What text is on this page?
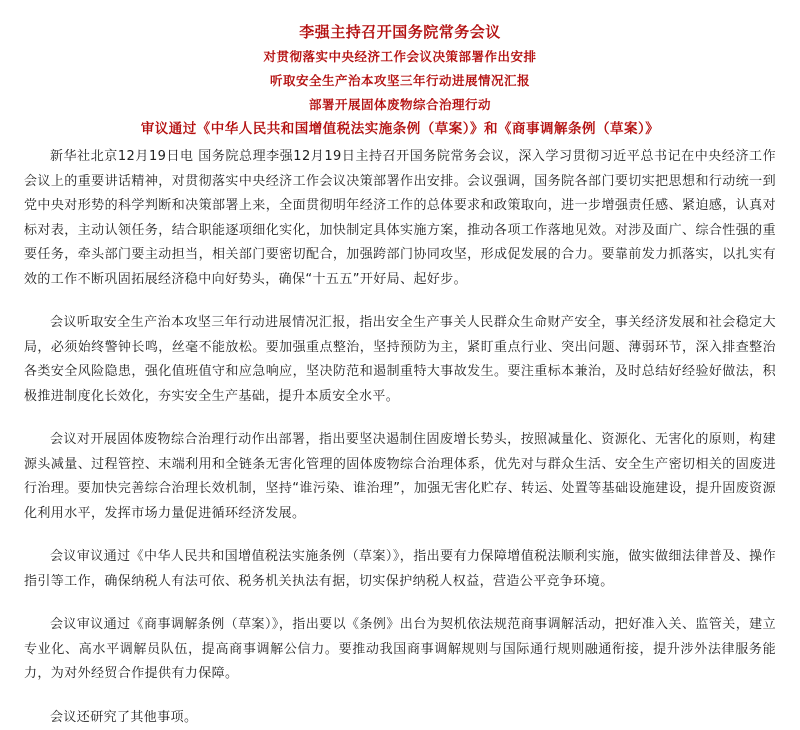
李强主持召开国务院常务会议

对贯彻落实中央经济工作会议决策部署作出安排

听取安全生产治本攻坚三年行动进展情况汇报

部署开展固体废物综合治理行动

审议通过《中华人民共和国增值税法实施条例（草案）》和《商事调解条例（草案）》

新华社北京12月19日电 国务院总理李强12月19日主持召开国务院常务会议，深入学习贯彻习近平总书记在中央经济工作会议上的重要讲话精神，对贯彻落实中央经济工作会议决策部署作出安排。会议强调，国务院各部门要切实把思想和行动统一到党中央对形势的科学判断和决策部署上来，全面贯彻明年经济工作的总体要求和政策取向，进一步增强责任感、紧迫感，认真对标对表，主动认领任务，结合职能逐项细化实化，加快制定具体实施方案，推动各项工作落地见效。对涉及面广、综合性强的重要任务，牵头部门要主动担当，相关部门要密切配合，加强跨部门协同攻坚，形成促发展的合力。要靠前发力抓落实，以扎实有效的工作不断巩固拓展经济稳中向好势头，确保“十五五”开好局、起好步。

会议听取安全生产治本攻坚三年行动进展情况汇报，指出安全生产事关人民群众生命财产安全，事关经济发展和社会稳定大局，必须始终警钟长鸣，丝毫不能放松。要加强重点整治，坚持预防为主，紧盯重点行业、突出问题、薄弱环节，深入排查整治各类安全风险隐患，强化值班值守和应急响应，坚决防范和遏制重特大事故发生。要注重标本兼治，及时总结好经验好做法，积极推进制度化长效化，夯实安全生产基础，提升本质安全水平。

会议对开展固体废物综合治理行动作出部署，指出要坚决遏制住固废增长势头，按照减量化、资源化、无害化的原则，构建源头减量、过程管控、末端利用和全链条无害化管理的固体废物综合治理体系，优先对与群众生活、安全生产密切相关的固废进行治理。要加快完善综合治理长效机制，坚持“谁污染、谁治理”，加强无害化贮存、转运、处置等基础设施建设，提升固废资源化利用水平，发挥市场力量促进循环经济发展。

会议审议通过《中华人民共和国增值税法实施条例（草案）》，指出要有力保障增值税法顺利实施，做实做细法律普及、操作指引等工作，确保纳税人有法可依、税务机关执法有据，切实保护纳税人权益，营造公平竞争环境。

会议审议通过《商事调解条例（草案）》，指出要以《条例》出台为契机依法规范商事调解活动，把好准入关、监管关，建立专业化、高水平调解员队伍，提高商事调解公信力。要推动我国商事调解规则与国际通行规则融通衔接，提升涉外法律服务能力，为对外经贸合作提供有力保障。

会议还研究了其他事项。
